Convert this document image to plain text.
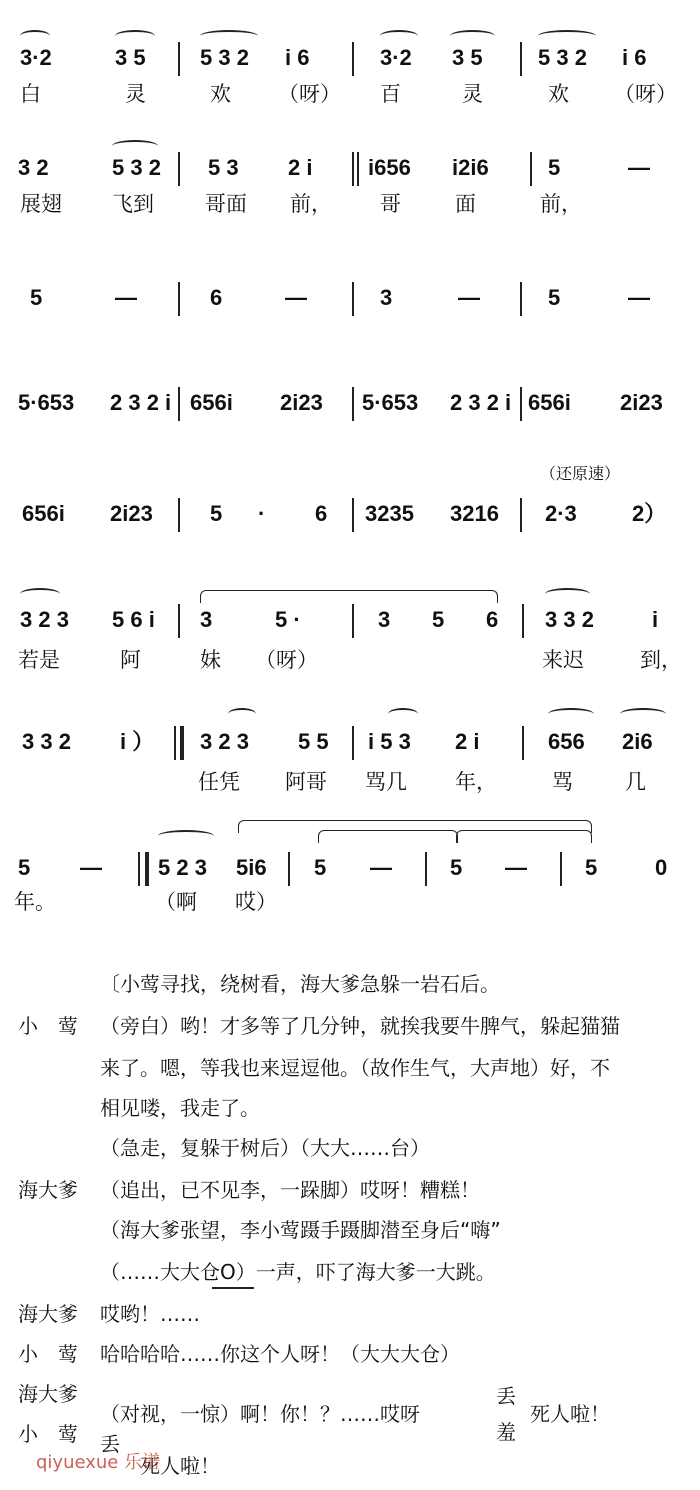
3·2	3 5 5 3 2 i 6	3·2 3 5	5 3 2 i 6
白	灵	欢 （呀） 百	灵	欢 （呀）
3 2	5 3 2 5 3 2 i	i656 i2i6	5	—
展翅 飞到 哥面 前， 哥	面	前，
5	—	6	—	3	—	5	—
5·653 2 3 2 i 656i 2i23 5·653 2 3 2 i 656i 2i23
（还原速）
656i 2i23	5 · 6 3235 3216 2·3	2）
3 2 3 5 6 i 3	5 ·	3 5 6 3 3 2	i
若是	阿	妹 （呀）	来迟	到，
3 3 2 i ） 3 2 3 5 5 i 5 3 2 i	656 2i6
任凭 阿哥 骂几 年，	骂 几
5 —	5 2 3 5i6 5 —	5 —	5	0
年。	（啊 哎）
〔小莺寻找，绕树看，海大爹急躲一岩石后。
小　莺 （旁白）哟！才多等了几分钟，就挨我要牛脾气，躲起猫猫
来了。嗯，等我也来逗逗他。（故作生气，大声地）好，不
相见喽，我走了。
（急走，复躲于树后）（大大……台）
海大爹 （追出，已不见李，一跺脚）哎呀！糟糕！
（海大爹张望，李小莺蹑手蹑脚潜至身后“嗨”
（……大大仓O）一声，吓了海大爹一大跳。
海大爹 哎哟！……
小　莺 哈哈哈哈……你这个人呀！（大大大仓）
海大爹
小　莺
（对视，一惊）啊！你！？……哎呀
丢
羞
死人啦！
丢
死人啦！
qiyuexue 乐谱
